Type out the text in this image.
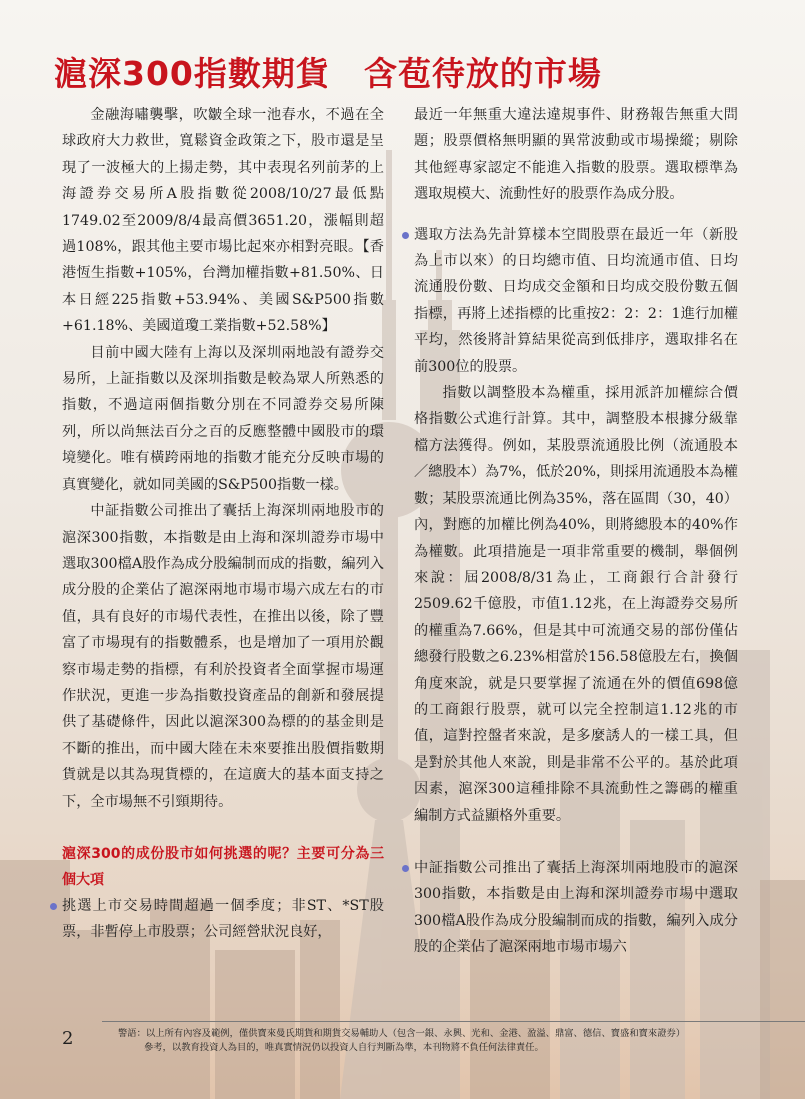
滬深300指數期貨　含苞待放的市場

金融海嘯襲擊，吹皺全球一池春水，不過在全球政府大力救世，寬鬆資金政策之下，股市還是呈現了一波極大的上揚走勢，其中表現名列前茅的上海證券交易所A股指數從2008/10/27最低點1749.02至2009/8/4最高價3651.20，漲幅則超過108%，跟其他主要市場比起來亦相對亮眼。【香港恆生指數+105%，台灣加權指數+81.50%、日本日經225指數+53.94%、美國S&P500指數+61.18%、美國道瓊工業指數+52.58%】

目前中國大陸有上海以及深圳兩地設有證券交易所，上証指數以及深圳指數是較為眾人所熟悉的指數，不過這兩個指數分別在不同證券交易所陳列，所以尚無法百分之百的反應整體中國股市的環境變化。唯有橫跨兩地的指數才能充分反映市場的真實變化，就如同美國的S&P500指數一樣。

中証指數公司推出了囊括上海深圳兩地股市的滬深300指數，本指數是由上海和深圳證券市場中選取300檔A股作為成分股編制而成的指數，編列入成分股的企業佔了滬深兩地市場市場六成左右的市值，具有良好的市場代表性，在推出以後，除了豐富了市場現有的指數體系，也是增加了一項用於觀察市場走勢的指標，有利於投資者全面掌握市場運作狀況，更進一步為指數投資產品的創新和發展提供了基礎條件，因此以滬深300為標的的基金則是不斷的推出，而中國大陸在未來要推出股價指數期貨就是以其為現貨標的，在這廣大的基本面支持之下，全市場無不引頸期待。

滬深300的成份股市如何挑選的呢？主要可分為三個大項

挑選上市交易時間超過一個季度；非ST、*ST股票，非暫停上市股票；公司經營狀況良好，

最近一年無重大違法違規事件、財務報告無重大問題；股票價格無明顯的異常波動或市場操縱；剔除其他經專家認定不能進入指數的股票。選取標準為選取規模大、流動性好的股票作為成分股。

選取方法為先計算樣本空間股票在最近一年（新股為上市以來）的日均總市值、日均流通市值、日均流通股份數、日均成交金額和日均成交股份數五個指標，再將上述指標的比重按2：2：2：1進行加權平均，然後將計算結果從高到低排序，選取排名在前300位的股票。

指數以調整股本為權重，採用派許加權綜合價格指數公式進行計算。其中，調整股本根據分級靠檔方法獲得。例如，某股票流通股比例（流通股本／總股本）為7%，低於20%，則採用流通股本為權數；某股票流通比例為35%，落在區間（30，40）內，對應的加權比例為40%，則將總股本的40%作為權數。此項措施是一項非常重要的機制，舉個例來說：屆2008/8/31為止，工商銀行合計發行2509.62千億股，市值1.12兆，在上海證券交易所的權重為7.66%，但是其中可流通交易的部份僅佔總發行股數之6.23%相當於156.58億股左右，換個角度來說，就是只要掌握了流通在外的價值698億的工商銀行股票，就可以完全控制這1.12兆的市值，這對控盤者來說，是多麼誘人的一樣工具，但是對於其他人來說，則是非常不公平的。基於此項因素，滬深300這種排除不具流動性之籌碼的權重編制方式益顯格外重要。

中証指數公司推出了囊括上海深圳兩地股市的滬深300指數，本指數是由上海和深圳證券市場中選取300檔A股作為成分股編制而成的指數，編列入成分股的企業佔了滬深兩地市場市場六

2	警語：以上所有內容及範例，僅供寶來曼氏期貨和期貨交易輔助人（包含一銀、永興、光和、金港、盈溢、鼎富、德信、寶盛和寶來證券）

參考，以教育投資人為目的，唯真實情況仍以投資人自行判斷為準，本刊物將不負任何法律責任。
